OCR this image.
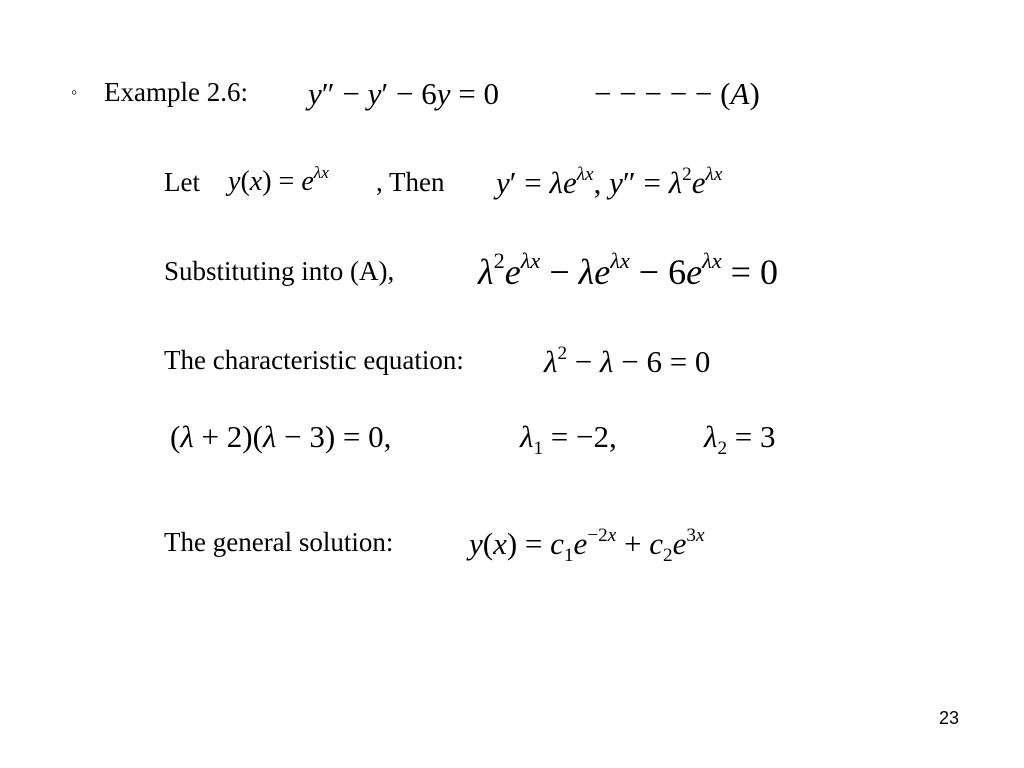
◦ Example 2.6: y″ − y′ − 6y = 0	− − − − − (A)
Let $y(x) = e^{\lambda x}$ , Then $y' = \lambda e^{\lambda x}$, $y'' = \lambda^2e^{\lambda x}$
Substituting into (A), $\lambda^2e^{\lambda x} - \lambda e^{\lambda x} - 6e^{\lambda x} = 0$
The characteristic equation:	$\lambda^2 - \lambda - 6 = 0$
(λ + 2)(λ − 3) = 0,	$\lambda_1 = -2$,	$\lambda_2 = 3$
The general solution: $y(x) = c_1e^{-2x} + c_2e^{3x}$
23
